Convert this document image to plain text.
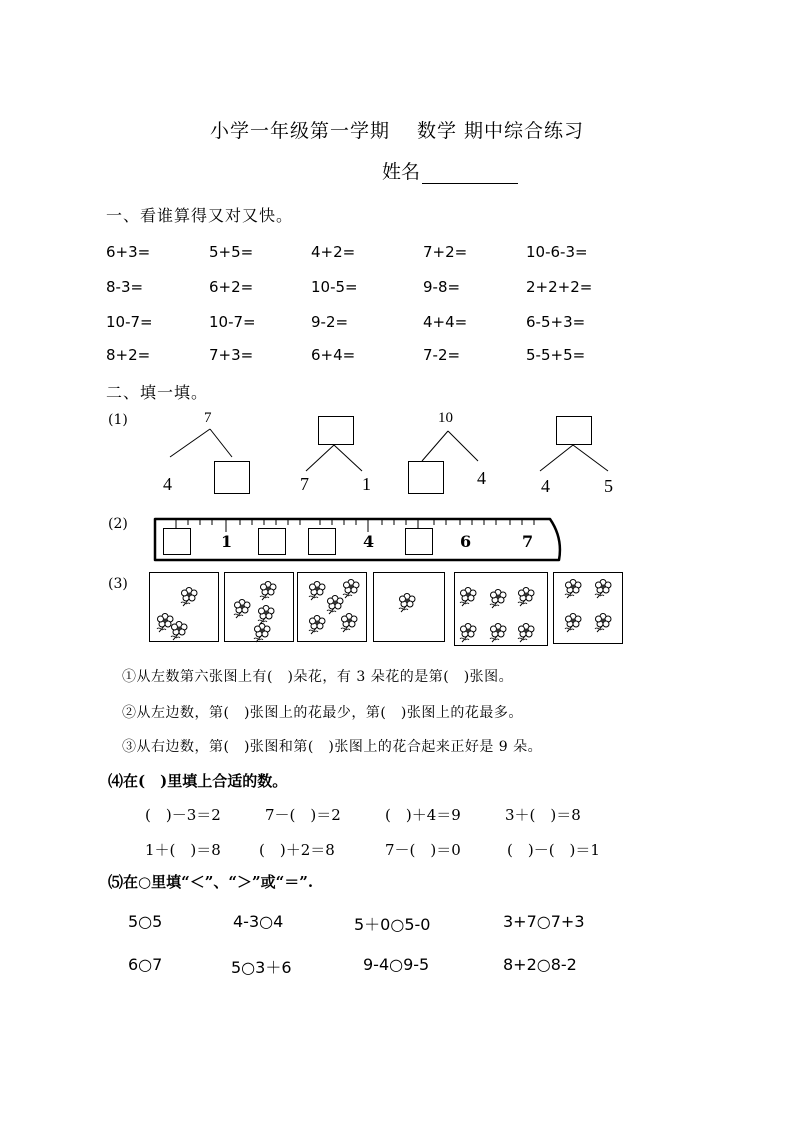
小学一年级第一学期　 数学 期中综合练习
姓名
一、看谁算得又对又快。
6+3=	5+5=	4+2=	7+2=	10-6-3=
8-3=	6+2=	10-5=	9-8=	2+2+2=
10-7=	10-7=	9-2=	4+4=	6-5+3=
8+2=	7+3=	6+4=	7-2=	5-5+5=
二、填一填。
(1)	7
4	7	1
10
4	4	5
(2)
1	4	6	7
(3)
①从左数第六张图上有(　)朵花，有 3 朵花的是第(　)张图。
②从左边数，第(　)张图上的花最少，第(　)张图上的花最多。
③从右边数，第(　)张图和第(　)张图上的花合起来正好是 9 朵。
⑷在(　)里填上合适的数。
(　)－3＝2	7－(　)＝2	(　)＋4＝9	3＋(　)＝8
1＋(　)＝8	(　)＋2＝8	7－(　)＝0	(　)－(　)＝1
⑸在○里填“＜”、“＞”或“＝”.
5○5	4-3○4	5＋0○5-0	3+7○7+3
6○7	5○3＋6	9-4○9-5	8+2○8-2
